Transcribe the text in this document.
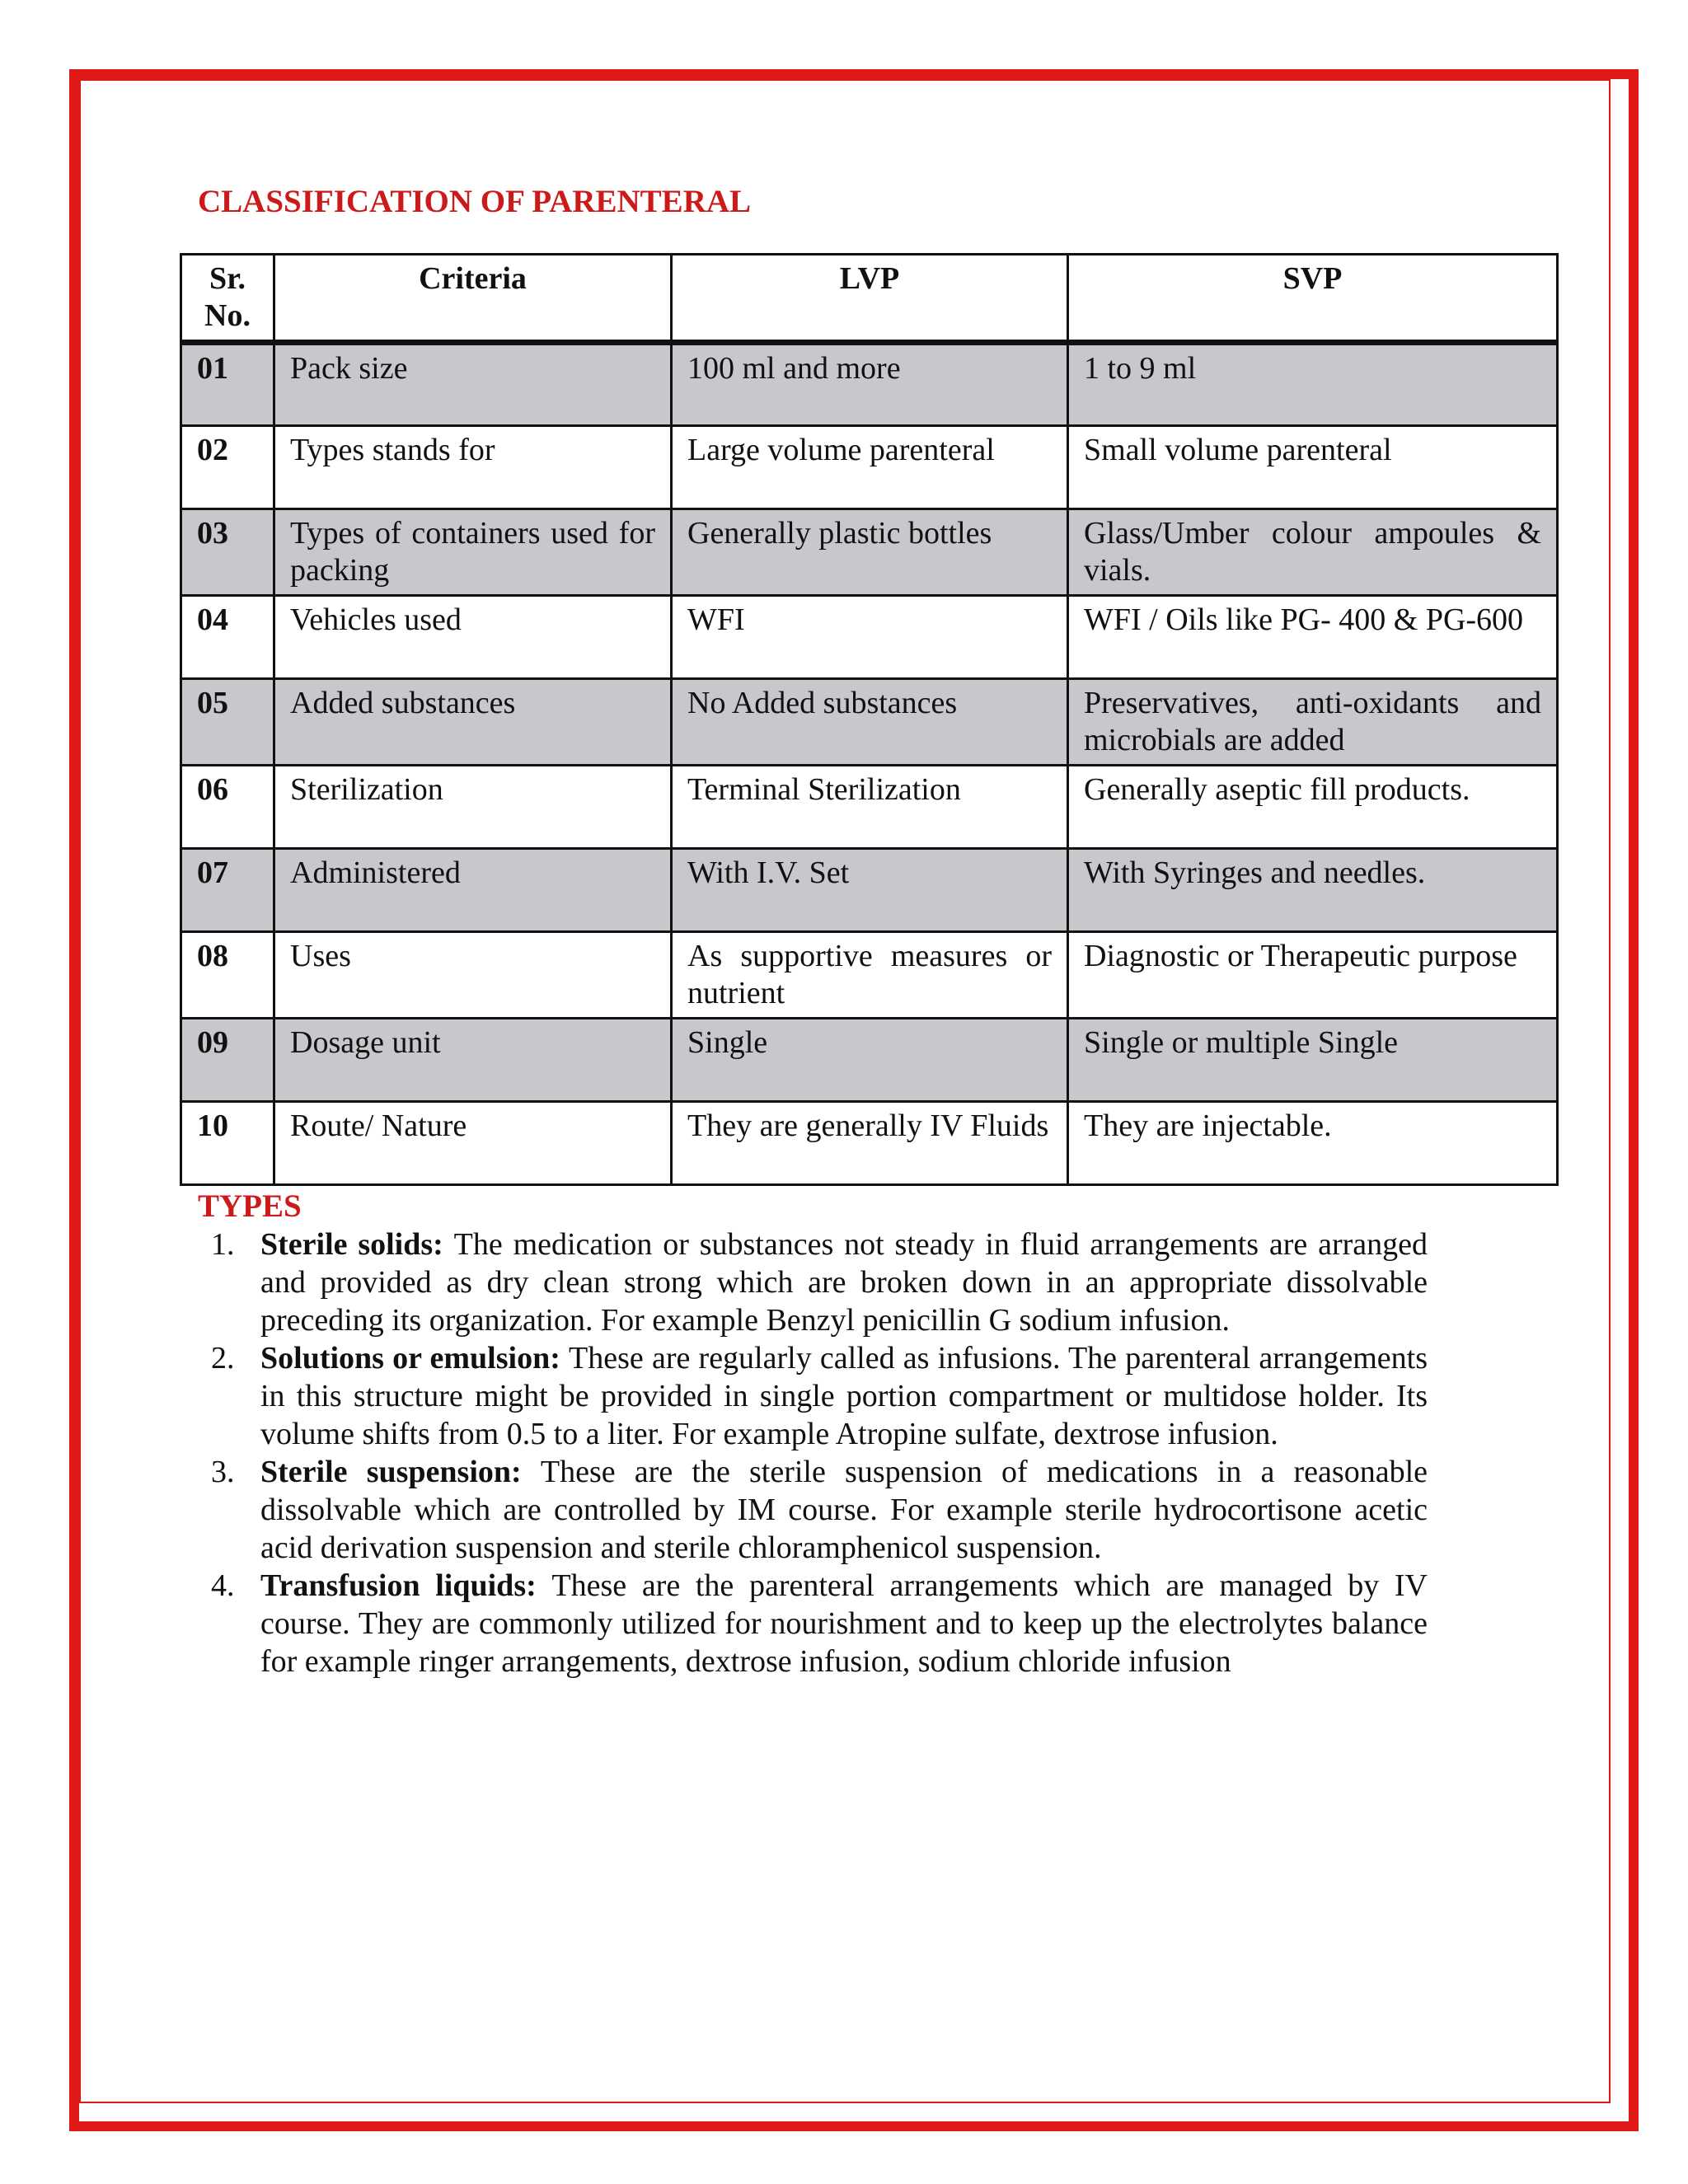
CLASSIFICATION OF PARENTERAL
Sr. No.	Criteria	LVP	SVP
01	Pack size	100 ml and more	1 to 9 ml
02	Types stands for	Large volume parenteral	Small volume parenteral
03	Types of containers used for packing	Generally plastic bottles	Glass/Umber colour ampoules & vials.
04	Vehicles used	WFI	WFI / Oils like PG- 400 & PG-600
05	Added substances	No Added substances	Preservatives, anti-oxidants and microbials are added
06	Sterilization	Terminal Sterilization	Generally aseptic fill products.
07	Administered	With I.V. Set	With Syringes and needles.
08	Uses	As supportive measures or nutrient	Diagnostic or Therapeutic purpose
09	Dosage unit	Single	Single or multiple Single
10	Route/ Nature	They are generally IV Fluids	They are injectable.
TYPES
1. Sterile solids: The medication or substances not steady in fluid arrangements are arranged and provided as dry clean strong which are broken down in an appropriate dissolvable preceding its organization. For example Benzyl penicillin G sodium infusion.
2. Solutions or emulsion: These are regularly called as infusions. The parenteral arrangements in this structure might be provided in single portion compartment or multidose holder. Its volume shifts from 0.5 to a liter. For example Atropine sulfate, dextrose infusion.
3. Sterile suspension: These are the sterile suspension of medications in a reasonable dissolvable which are controlled by IM course. For example sterile hydrocortisone acetic acid derivation suspension and sterile chloramphenicol suspension.
4. Transfusion liquids: These are the parenteral arrangements which are managed by IV course. They are commonly utilized for nourishment and to keep up the electrolytes balance for example ringer arrangements, dextrose infusion, sodium chloride infusion
